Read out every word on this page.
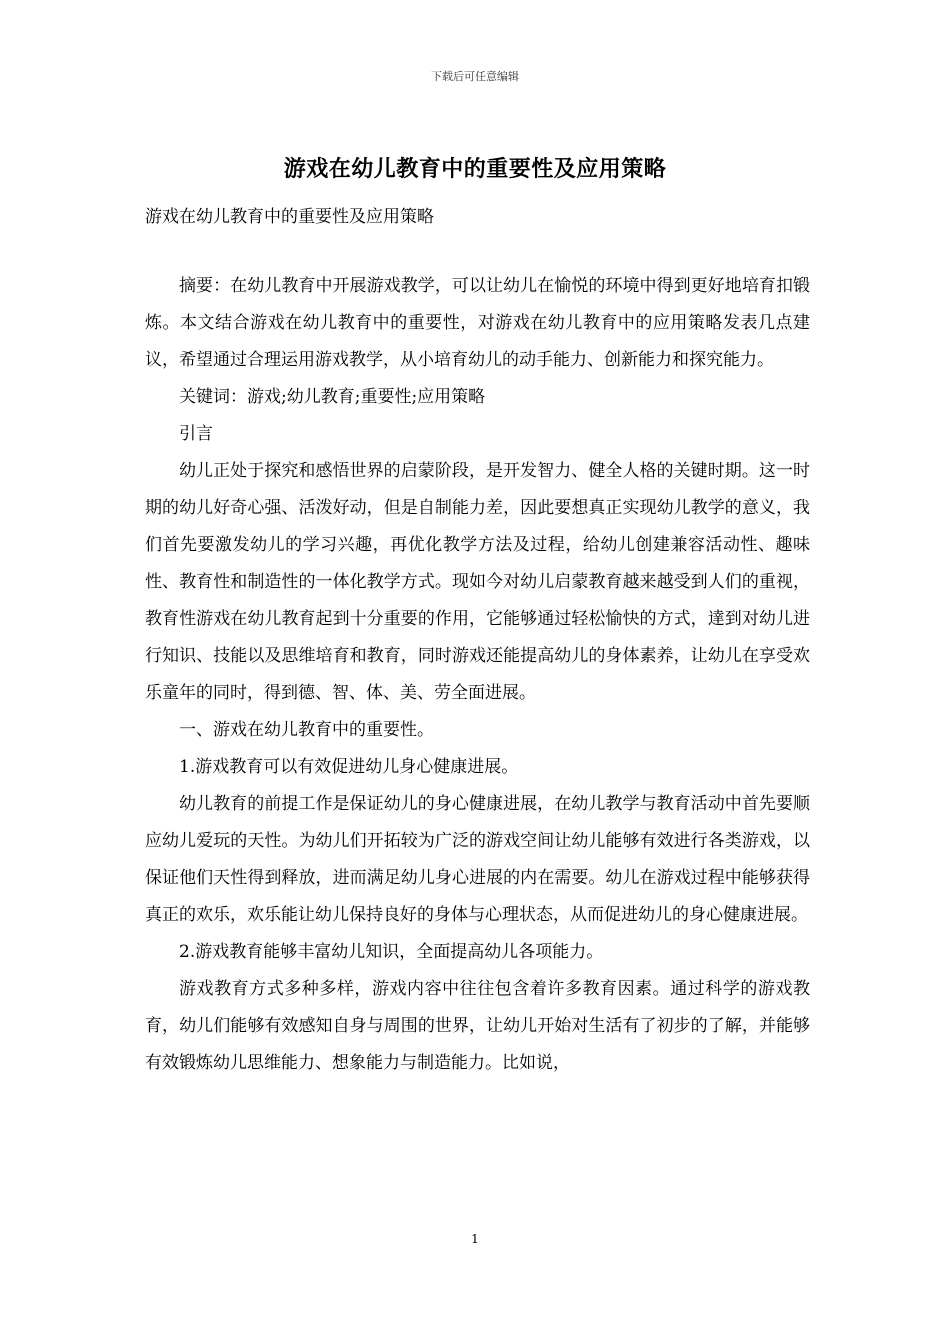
下载后可任意编辑
游戏在幼儿教育中的重要性及应用策略
游戏在幼儿教育中的重要性及应用策略

摘要：在幼儿教育中开展游戏教学，可以让幼儿在愉悦的环境中得到更好地培育扣锻炼。本文结合游戏在幼儿教育中的重要性，对游戏在幼儿教育中的应用策略发表几点建议，希望通过合理运用游戏教学，从小培育幼儿的动手能力、创新能力和探究能力。

关键词：游戏;幼儿教育;重要性;应用策略

引言

幼儿正处于探究和感悟世界的启蒙阶段，是开发智力、健全人格的关键时期。这一时期的幼儿好奇心强、活泼好动，但是自制能力差，因此要想真正实现幼儿教学的意义，我们首先要激发幼儿的学习兴趣，再优化教学方法及过程，给幼儿创建兼容活动性、趣味性、教育性和制造性的一体化教学方式。现如今对幼儿启蒙教育越来越受到人们的重视，教育性游戏在幼儿教育起到十分重要的作用，它能够通过轻松愉快的方式，達到对幼儿进行知识、技能以及思维培育和教育，同时游戏还能提高幼儿的身体素养，让幼儿在享受欢乐童年的同时，得到德、智、体、美、劳全面进展。

一、游戏在幼儿教育中的重要性。

1.游戏教育可以有效促进幼儿身心健康进展。

幼儿教育的前提工作是保证幼儿的身心健康进展，在幼儿教学与教育活动中首先要顺应幼儿爱玩的天性。为幼儿们开拓较为广泛的游戏空间让幼儿能够有效进行各类游戏，以保证他们天性得到释放，进而满足幼儿身心进展的内在需要。幼儿在游戏过程中能够获得真正的欢乐，欢乐能让幼儿保持良好的身体与心理状态，从而促进幼儿的身心健康进展。

2.游戏教育能够丰富幼儿知识，全面提高幼儿各项能力。

游戏教育方式多种多样，游戏内容中往往包含着许多教育因素。通过科学的游戏教育，幼儿们能够有效感知自身与周围的世界，让幼儿开始对生活有了初步的了解，并能够有效锻炼幼儿思维能力、想象能力与制造能力。比如说，

1
